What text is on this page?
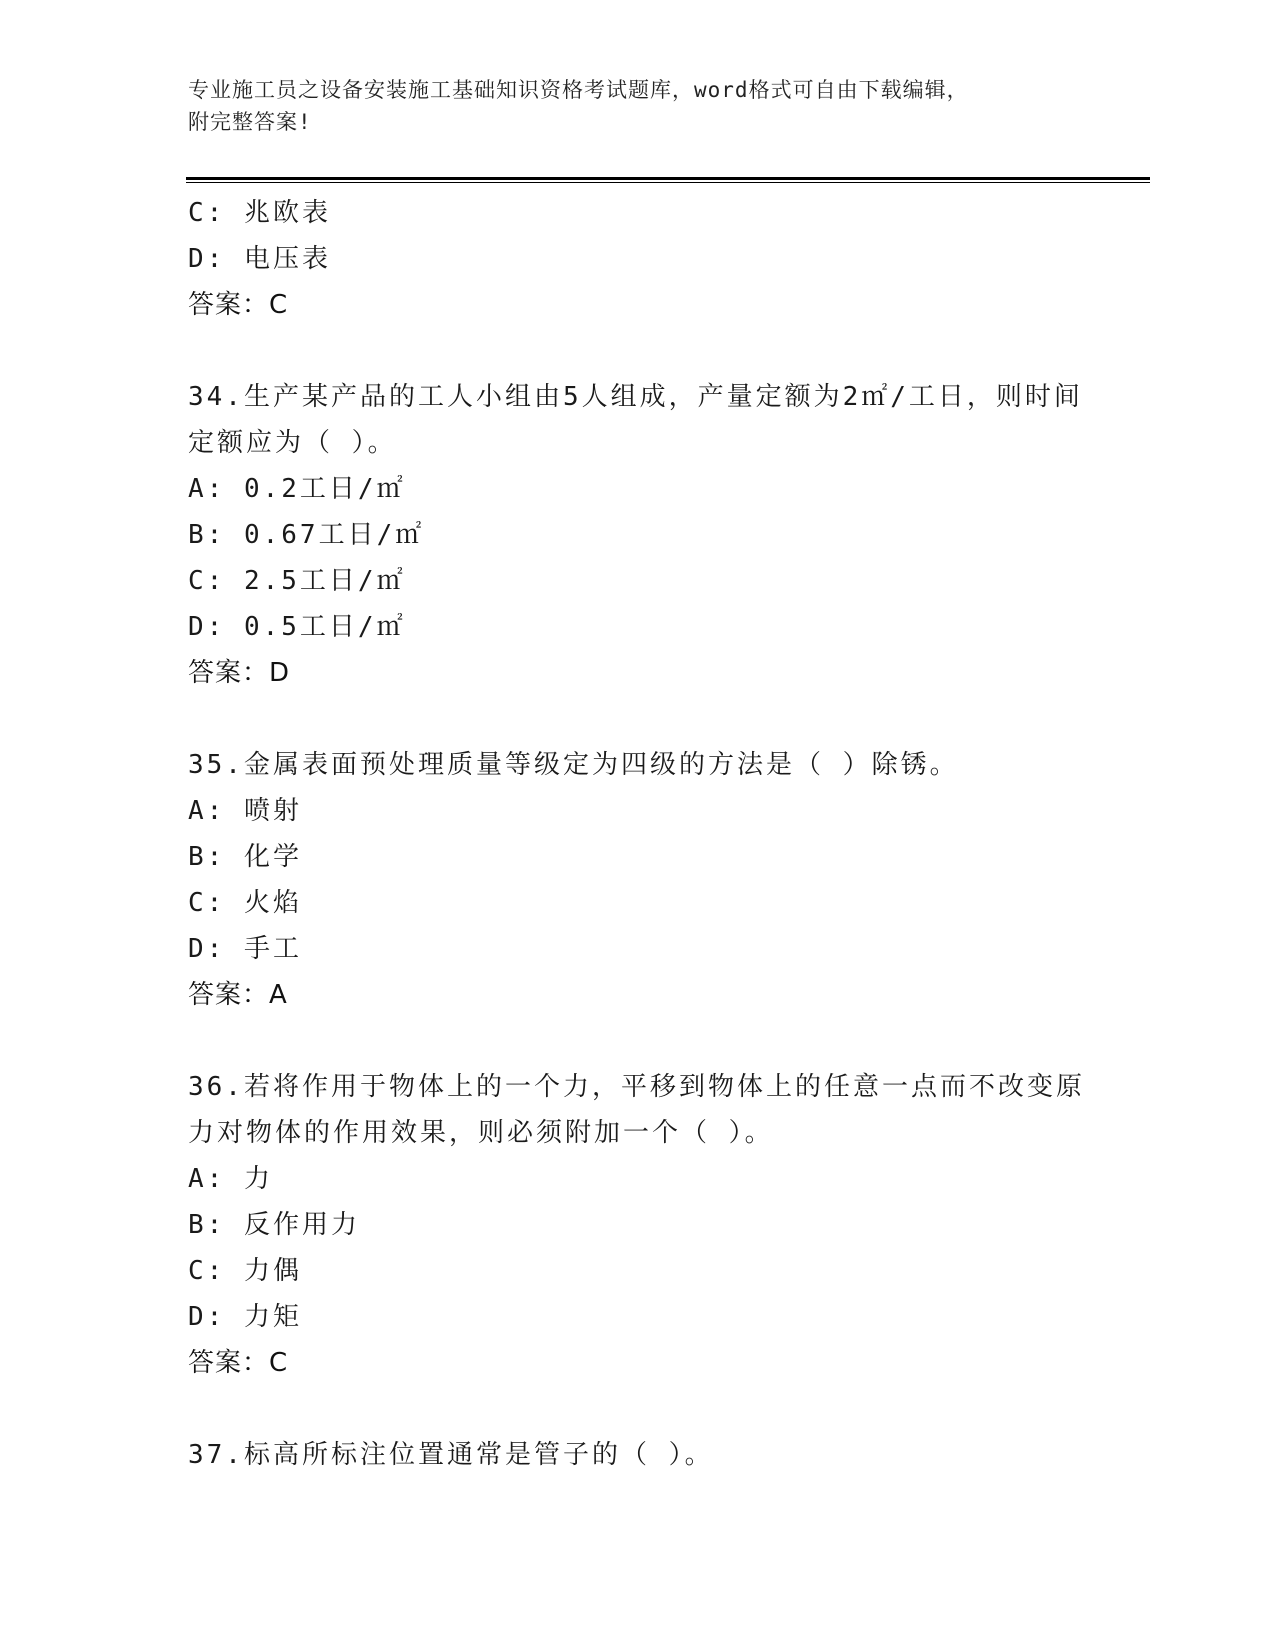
专业施工员之设备安装施工基础知识资格考试题库，word格式可自由下载编辑，
附完整答案!
C: 兆欧表
D: 电压表
答案：C
34.生产某产品的工人小组由5人组成，产量定额为2㎡/工日，则时间
定额应为（ ）。
A: 0.2工日/㎡
B: 0.67工日/㎡
C: 2.5工日/㎡
D: 0.5工日/㎡
答案：D
35.金属表面预处理质量等级定为四级的方法是（ ）除锈。
A: 喷射
B: 化学
C: 火焰
D: 手工
答案：A
36.若将作用于物体上的一个力，平移到物体上的任意一点而不改变原
力对物体的作用效果，则必须附加一个（ ）。
A: 力
B: 反作用力
C: 力偶
D: 力矩
答案：C
37.标高所标注位置通常是管子的（ ）。
